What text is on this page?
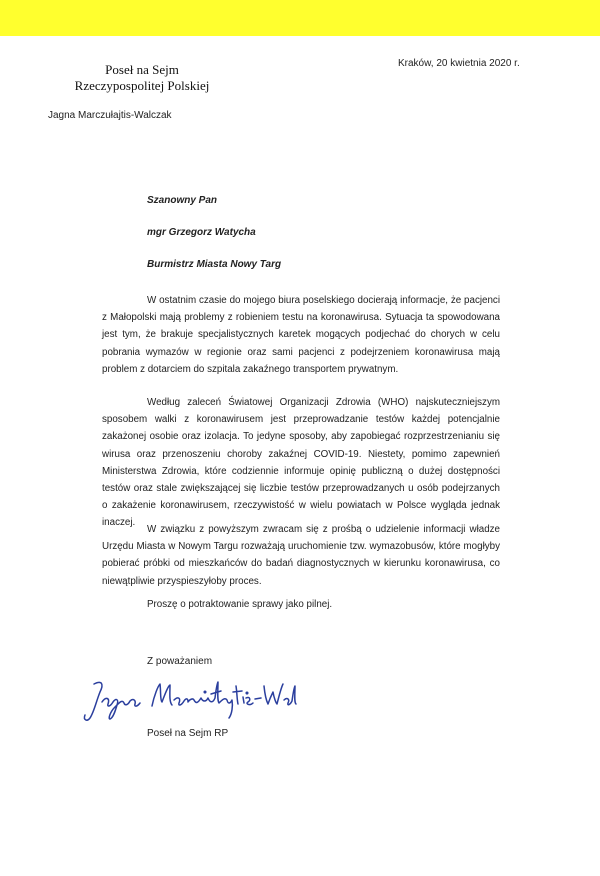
Poseł na Sejm
Rzeczypospolitej Polskiej
Jagna Marczułajtis-Walczak
Kraków, 20 kwietnia 2020 r.
Szanowny Pan
mgr Grzegorz Watycha
Burmistrz Miasta Nowy Targ

W ostatnim czasie do mojego biura poselskiego docierają informacje, że pacjenci z Małopolski mają problemy z robieniem testu na koronawirusa. Sytuacja ta spowodowana jest tym, że brakuje specjalistycznych karetek mogących podjechać do chorych w celu pobrania wymazów w regionie oraz sami pacjenci z podejrzeniem koronawirusa mają problem z dotarciem do szpitala zakaźnego transportem prywatnym.

Według zaleceń Światowej Organizacji Zdrowia (WHO) najskuteczniejszym sposobem walki z koronawirusem jest przeprowadzanie testów każdej potencjalnie zakażonej osobie oraz izolacja. To jedyne sposoby, aby zapobiegać rozprzestrzenianiu się wirusa oraz przenoszeniu choroby zakaźnej COVID-19. Niestety, pomimo zapewnień Ministerstwa Zdrowia, które codziennie informuje opinię publiczną o dużej dostępności testów oraz stale zwiększającej się liczbie testów przeprowadzanych u osób podejrzanych o zakażenie koronawirusem, rzeczywistość w wielu powiatach w Polsce wygląda jednak inaczej.

W związku z powyższym zwracam się z prośbą o udzielenie informacji władze Urzędu Miasta w Nowym Targu rozważają uruchomienie tzw. wymazobusów, które mogłyby pobierać próbki od mieszkańców do badań diagnostycznych w kierunku koronawirusa, co niewątpliwie przyspieszyłoby proces.

Proszę o potraktowanie sprawy jako pilnej.

Z poważaniem
Poseł na Sejm RP
